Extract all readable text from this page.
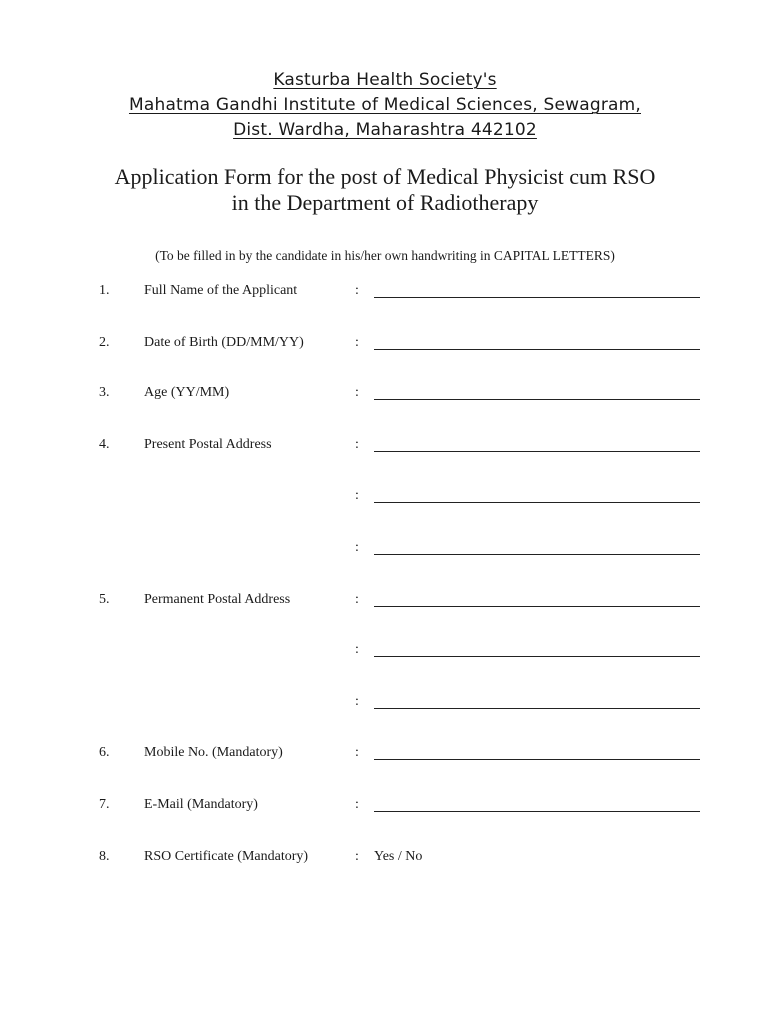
Kasturba Health Society's
Mahatma Gandhi Institute of Medical Sciences, Sewagram,
Dist. Wardha, Maharashtra 442102
Application Form for the post of Medical Physicist cum RSO
in the Department of Radiotherapy
(To be filled in by the candidate in his/her own handwriting in CAPITAL LETTERS)
1. Full Name of the Applicant	:
2. Date of Birth (DD/MM/YY)	:
3. Age (YY/MM)	:
4. Present Postal Address	:
:
:
5. Permanent Postal Address	:
:
:
6. Mobile No. (Mandatory)	:
7. E-Mail (Mandatory)	:
8. RSO Certificate (Mandatory)	: Yes / No
